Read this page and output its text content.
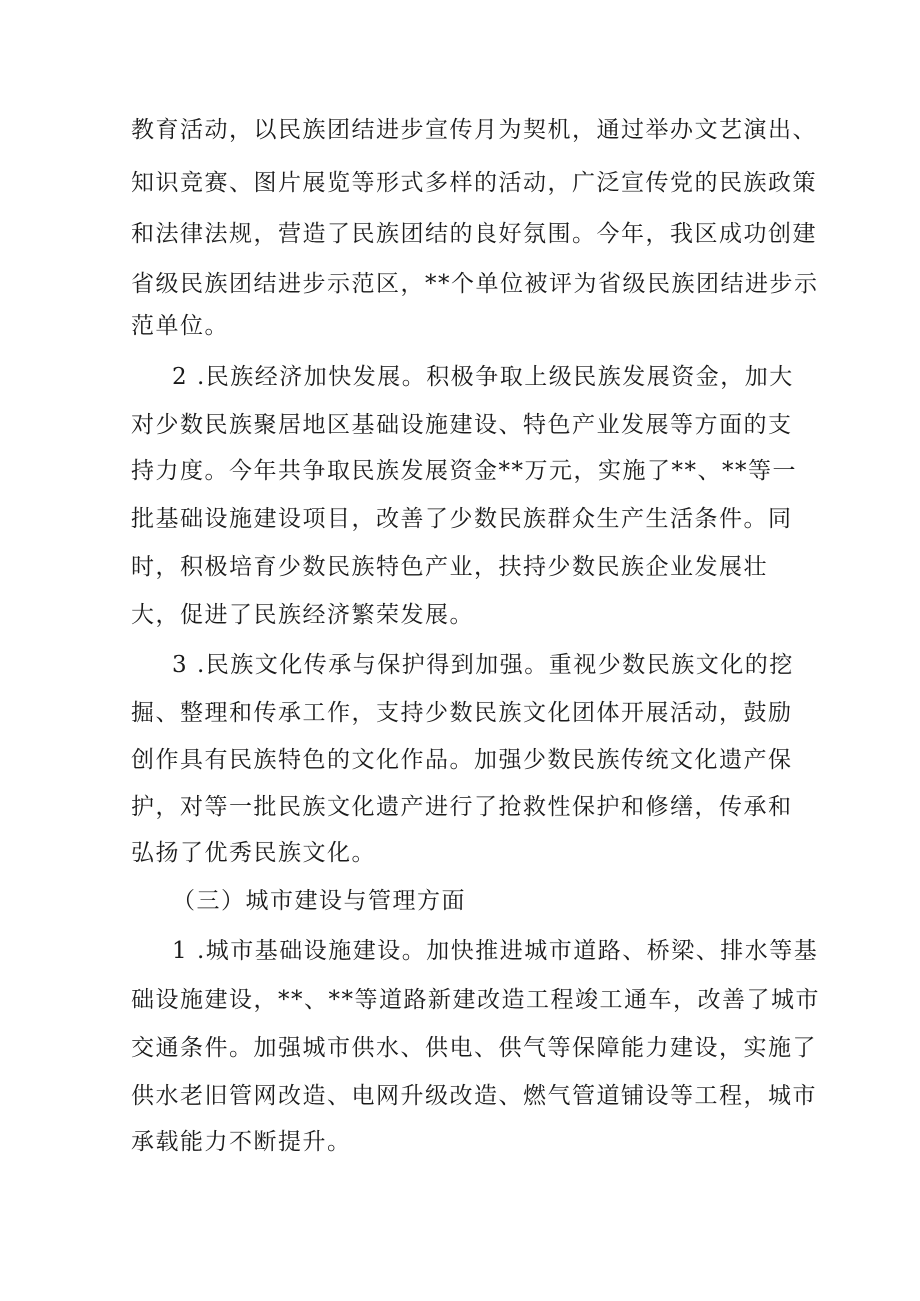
教育活动，以民族团结进步宣传月为契机，通过举办文艺演出、
知识竞赛、图片展览等形式多样的活动，广泛宣传党的民族政策
和法律法规，营造了民族团结的良好氛围。今年，我区成功创建
省级民族团结进步示范区，**个单位被评为省级民族团结进步示
范单位。
2 .民族经济加快发展。积极争取上级民族发展资金，加大
对少数民族聚居地区基础设施建设、特色产业发展等方面的支
持力度。今年共争取民族发展资金**万元，实施了**、**等一
批基础设施建设项目，改善了少数民族群众生产生活条件。同
时，积极培育少数民族特色产业，扶持少数民族企业发展壮
大，促进了民族经济繁荣发展。
3 .民族文化传承与保护得到加强。重视少数民族文化的挖
掘、整理和传承工作，支持少数民族文化团体开展活动，鼓励
创作具有民族特色的文化作品。加强少数民族传统文化遗产保
护，对等一批民族文化遗产进行了抢救性保护和修缮，传承和
弘扬了优秀民族文化。
（三）城市建设与管理方面
1 .城市基础设施建设。加快推进城市道路、桥梁、排水等基
础设施建设，**、**等道路新建改造工程竣工通车，改善了城市
交通条件。加强城市供水、供电、供气等保障能力建设，实施了
供水老旧管网改造、电网升级改造、燃气管道铺设等工程，城市
承载能力不断提升。
